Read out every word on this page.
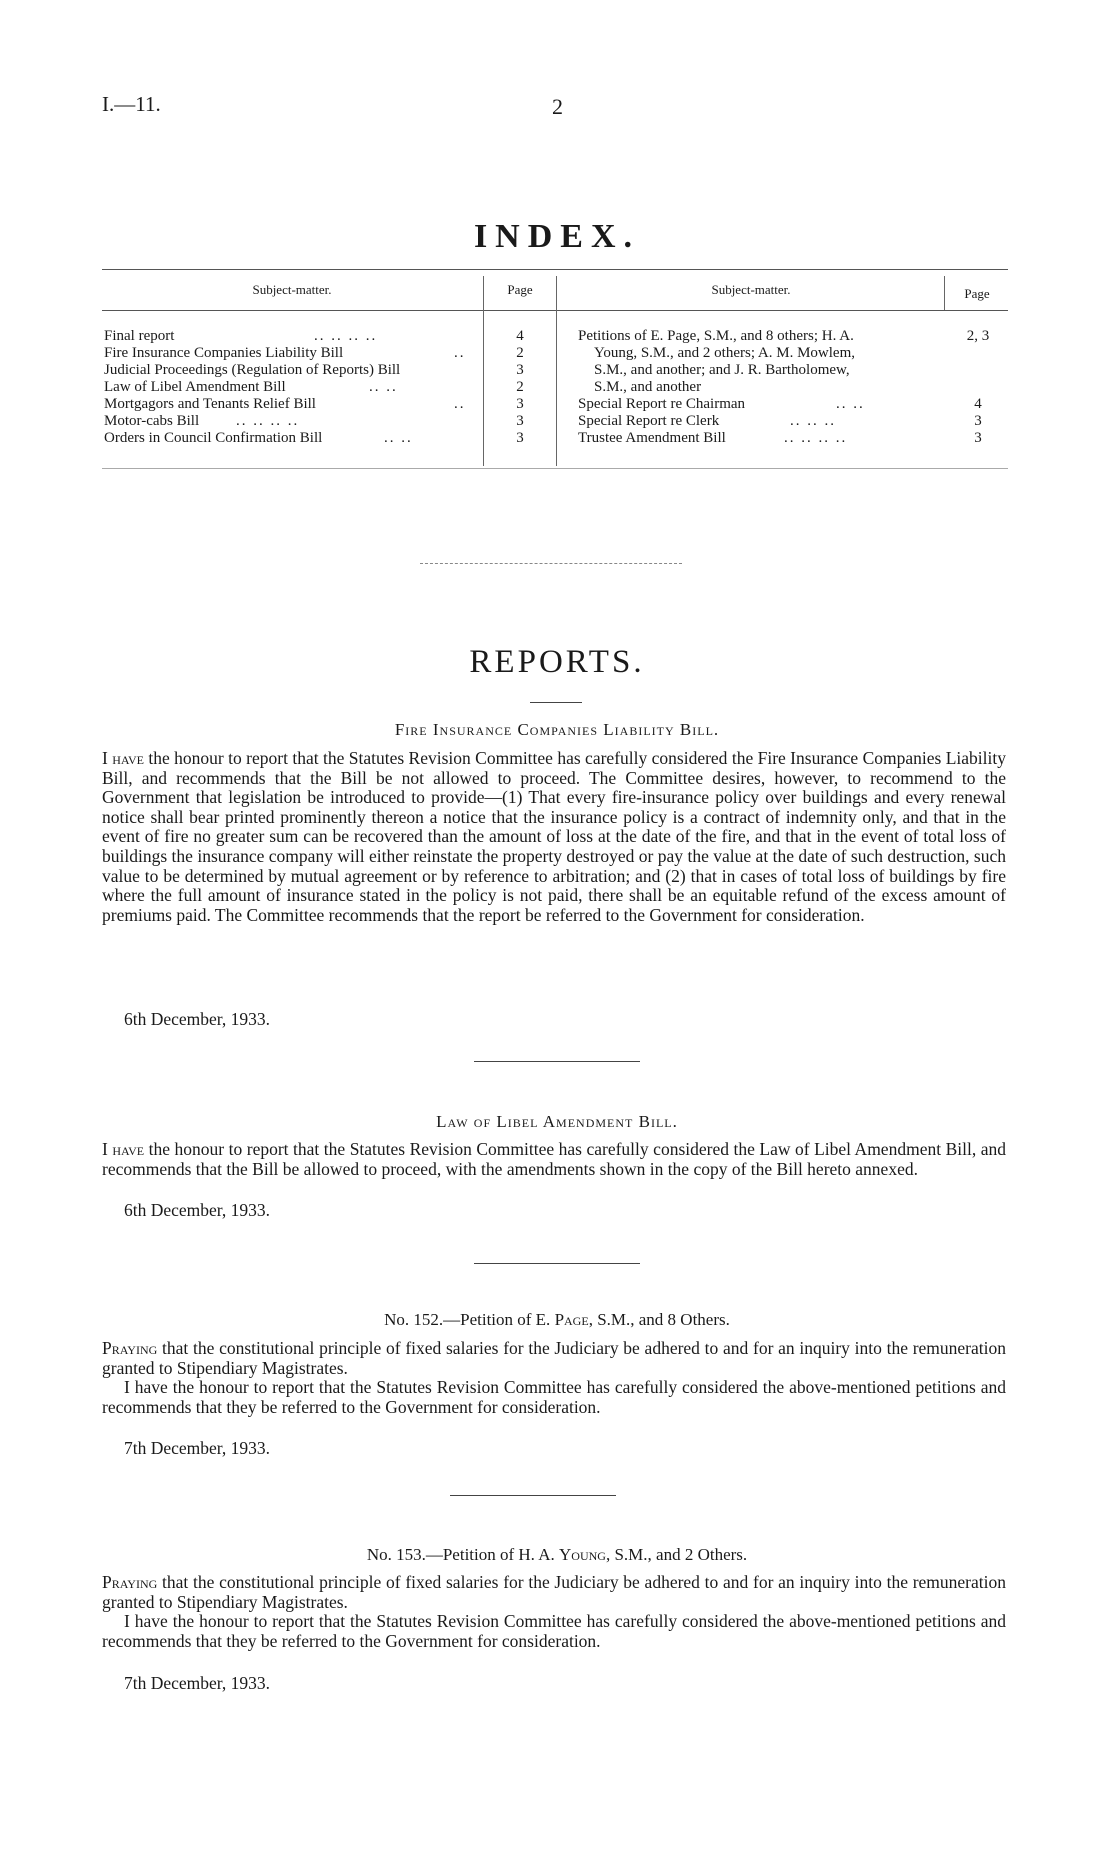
I.—11.	2
INDEX.
Subject-matter.	Page	Subject-matter.	Page
Final report	.. .. .. ..	4
Fire Insurance Companies Liability Bill	..	2
Judicial Proceedings (Regulation of Reports) Bill	3
Law of Libel Amendment Bill	.. ..	2
Mortgagors and Tenants Relief Bill	..	3
Motor-cabs Bill .. .. .. ..	3
Orders in Council Confirmation Bill	.. ..	3
Petitions of E. Page, S.M., and 8 others; H. A.
Young, S.M., and 2 others; A. M. Mowlem,
S.M., and another; and J. R. Bartholomew,
S.M., and another
2, 3
Special Report re Chairman	.. ..	4
Special Report re Clerk	.. .. ..	3
Trustee Amendment Bill	.. .. .. ..	3
REPORTS.
Fire Insurance Companies Liability Bill.
I have the honour to report that the Statutes Revision Committee has carefully considered the Fire Insurance Companies Liability Bill, and recommends that the Bill be not allowed to proceed. The Committee desires, however, to recommend to the Government that legislation be introduced to provide—(1) That every fire-insurance policy over buildings and every renewal notice shall bear printed prominently thereon a notice that the insurance policy is a contract of indemnity only, and that in the event of fire no greater sum can be recovered than the amount of loss at the date of the fire, and that in the event of total loss of buildings the insurance company will either reinstate the property destroyed or pay the value at the date of such destruction, such value to be determined by mutual agreement or by reference to arbitration; and (2) that in cases of total loss of buildings by fire where the full amount of insurance stated in the policy is not paid, there shall be an equitable refund of the excess amount of premiums paid. The Committee recommends that the report be referred to the Government for consideration.
6th December, 1933.
Law of Libel Amendment Bill.
I have the honour to report that the Statutes Revision Committee has carefully considered the Law of Libel Amendment Bill, and recommends that the Bill be allowed to proceed, with the amendments shown in the copy of the Bill hereto annexed.
6th December, 1933.
No. 152.—Petition of E. Page, S.M., and 8 Others.
Praying that the constitutional principle of fixed salaries for the Judiciary be adhered to and for an inquiry into the remuneration granted to Stipendiary Magistrates.
I have the honour to report that the Statutes Revision Committee has carefully considered the above-mentioned petitions and recommends that they be referred to the Government for consideration.
7th December, 1933.
No. 153.—Petition of H. A. Young, S.M., and 2 Others.
Praying that the constitutional principle of fixed salaries for the Judiciary be adhered to and for an inquiry into the remuneration granted to Stipendiary Magistrates.
I have the honour to report that the Statutes Revision Committee has carefully considered the above-mentioned petitions and recommends that they be referred to the Government for consideration.
7th December, 1933.
